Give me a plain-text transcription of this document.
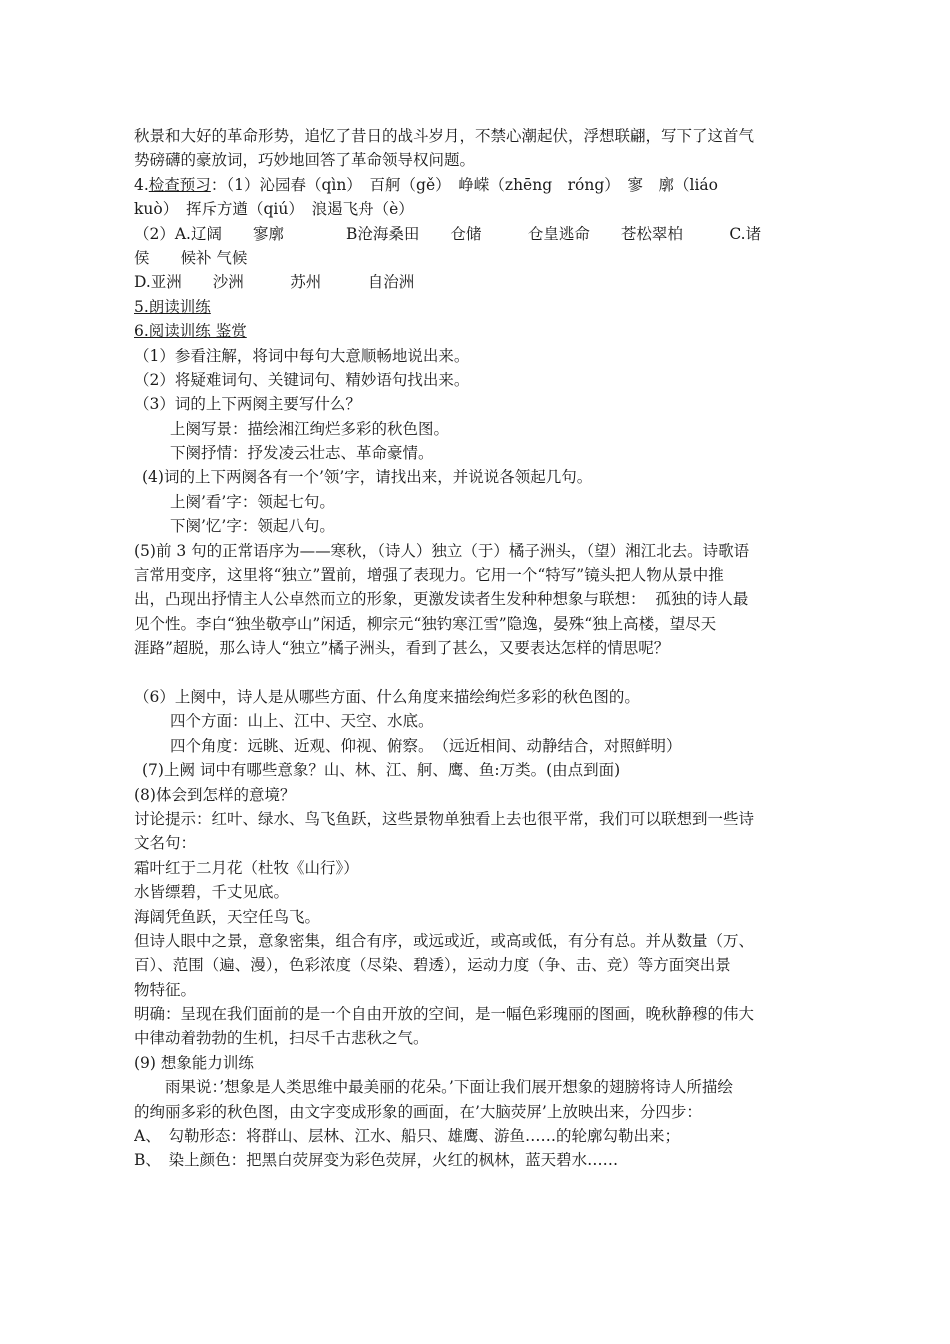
秋景和大好的革命形势，追忆了昔日的战斗岁月，不禁心潮起伏，浮想联翩，写下了这首气
势磅礴的豪放词，巧妙地回答了革命领导权问题。
4.检查预习：（1）沁园春（qìn）　百舸（gě）　峥嵘（zhēng　róng）　寥　廓（liáo
kuò）　挥斥方遒（qiú）　浪遏飞舟（è）
（2）A.辽阔　　寥廓　　　　B沧海桑田　　仓储　　　仓皇逃命　　苍松翠柏　　　C.诸
侯　　候补 气候
D.亚洲　　沙洲　　　苏州　　　自治洲
5.朗读训练
6.阅读训练 鉴赏
（1）参看注解，将词中每句大意顺畅地说出来。
（2）将疑难词句、关键词句、精妙语句找出来。
（3）词的上下两阕主要写什么？
上阕写景：描绘湘江绚烂多彩的秋色图。
下阕抒情：抒发凌云壮志、革命豪情。
(4)词的上下两阕各有一个’领’字，请找出来，并说说各领起几句。
上阕’看’字：领起七句。
下阕’忆’字：领起八句。
(5)前 3 句的正常语序为——寒秋，（诗人）独立（于）橘子洲头，（望）湘江北去。诗歌语
言常用变序，这里将“独立”置前，增强了表现力。它用一个“特写”镜头把人物从景中推
出，凸现出抒情主人公卓然而立的形象，更激发读者生发种种想象与联想：  孤独的诗人最
见个性。李白“独坐敬亭山”闲适，柳宗元“独钓寒江雪”隐逸，晏殊“独上高楼，望尽天
涯路”超脱，那么诗人“独立”橘子洲头，看到了甚么，又要表达怎样的情思呢？
（6）上阕中，诗人是从哪些方面、什么角度来描绘绚烂多彩的秋色图的。
四个方面：山上、江中、天空、水底。
四个角度：远眺、近观、仰视、俯察。　（远近相间、动静结合，对照鲜明）
(7)上阙 词中有哪些意象？山、林、江、舸、鹰、鱼:万类。(由点到面)
(8)体会到怎样的意境？
讨论提示：红叶、绿水、鸟飞鱼跃，这些景物单独看上去也很平常，我们可以联想到一些诗
文名句：
霜叶红于二月花（杜牧《山行》）
水皆缥碧，千丈见底。
海阔凭鱼跃，天空任鸟飞。
但诗人眼中之景，意象密集，组合有序，或远或近，或高或低，有分有总。并从数量（万、
百）、范围（遍、漫），色彩浓度（尽染、碧透），运动力度（争、击、竞）等方面突出景
物特征。
明确：呈现在我们面前的是一个自由开放的空间，是一幅色彩瑰丽的图画，晚秋静穆的伟大
中律动着勃勃的生机，扫尽千古悲秋之气。
(9) 想象能力训练
　　雨果说：’想象是人类思维中最美丽的花朵。’下面让我们展开想象的翅膀将诗人所描绘
的绚丽多彩的秋色图，由文字变成形象的画面，在’大脑荧屏’上放映出来，分四步：
A、　勾勒形态：将群山、层林、江水、船只、雄鹰、游鱼……的轮廓勾勒出来；
B、　染上颜色：把黑白荧屏变为彩色荧屏，火红的枫林，蓝天碧水……
